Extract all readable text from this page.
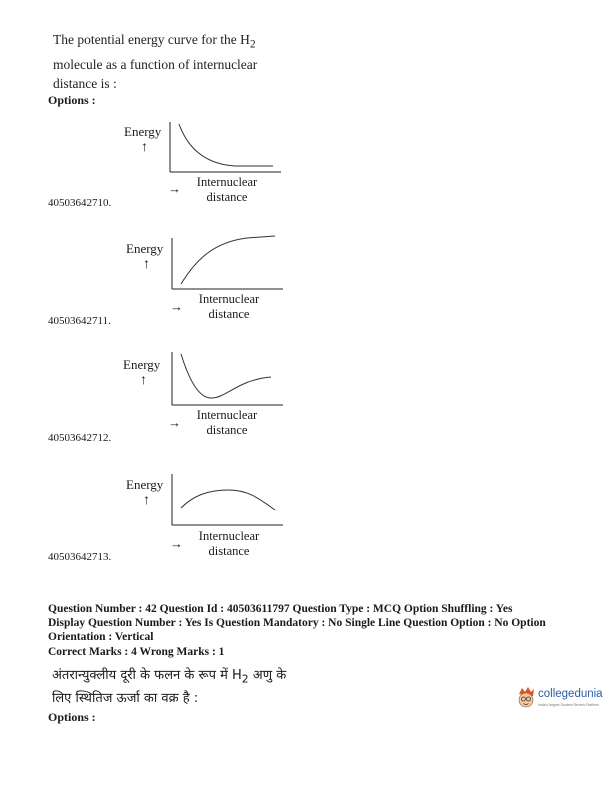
The potential energy curve for the $H_2$
molecule as a function of internuclear
distance is :
Options :
Energy
↑
→	Internuclear
distance
40503642710.
Energy
↑
→	Internuclear
distance
40503642711.
Energy
↑
→	Internuclear
distance
40503642712.
Energy
↑
→	Internuclear
distance
40503642713.
Question Number : 42 Question Id : 40503611797 Question Type : MCQ Option Shuffling : Yes
Display Question Number : Yes Is Question Mandatory : No Single Line Question Option : No Option
Orientation : Vertical
Correct Marks : 4 Wrong Marks : 1
अंतरान्युक्लीय दूरी के फलन के रूप में $H_2$ अणु के
लिए स्थितिज ऊर्जा का वक्र है :
Options :
collegedunia
India's largest Student Review Platform
